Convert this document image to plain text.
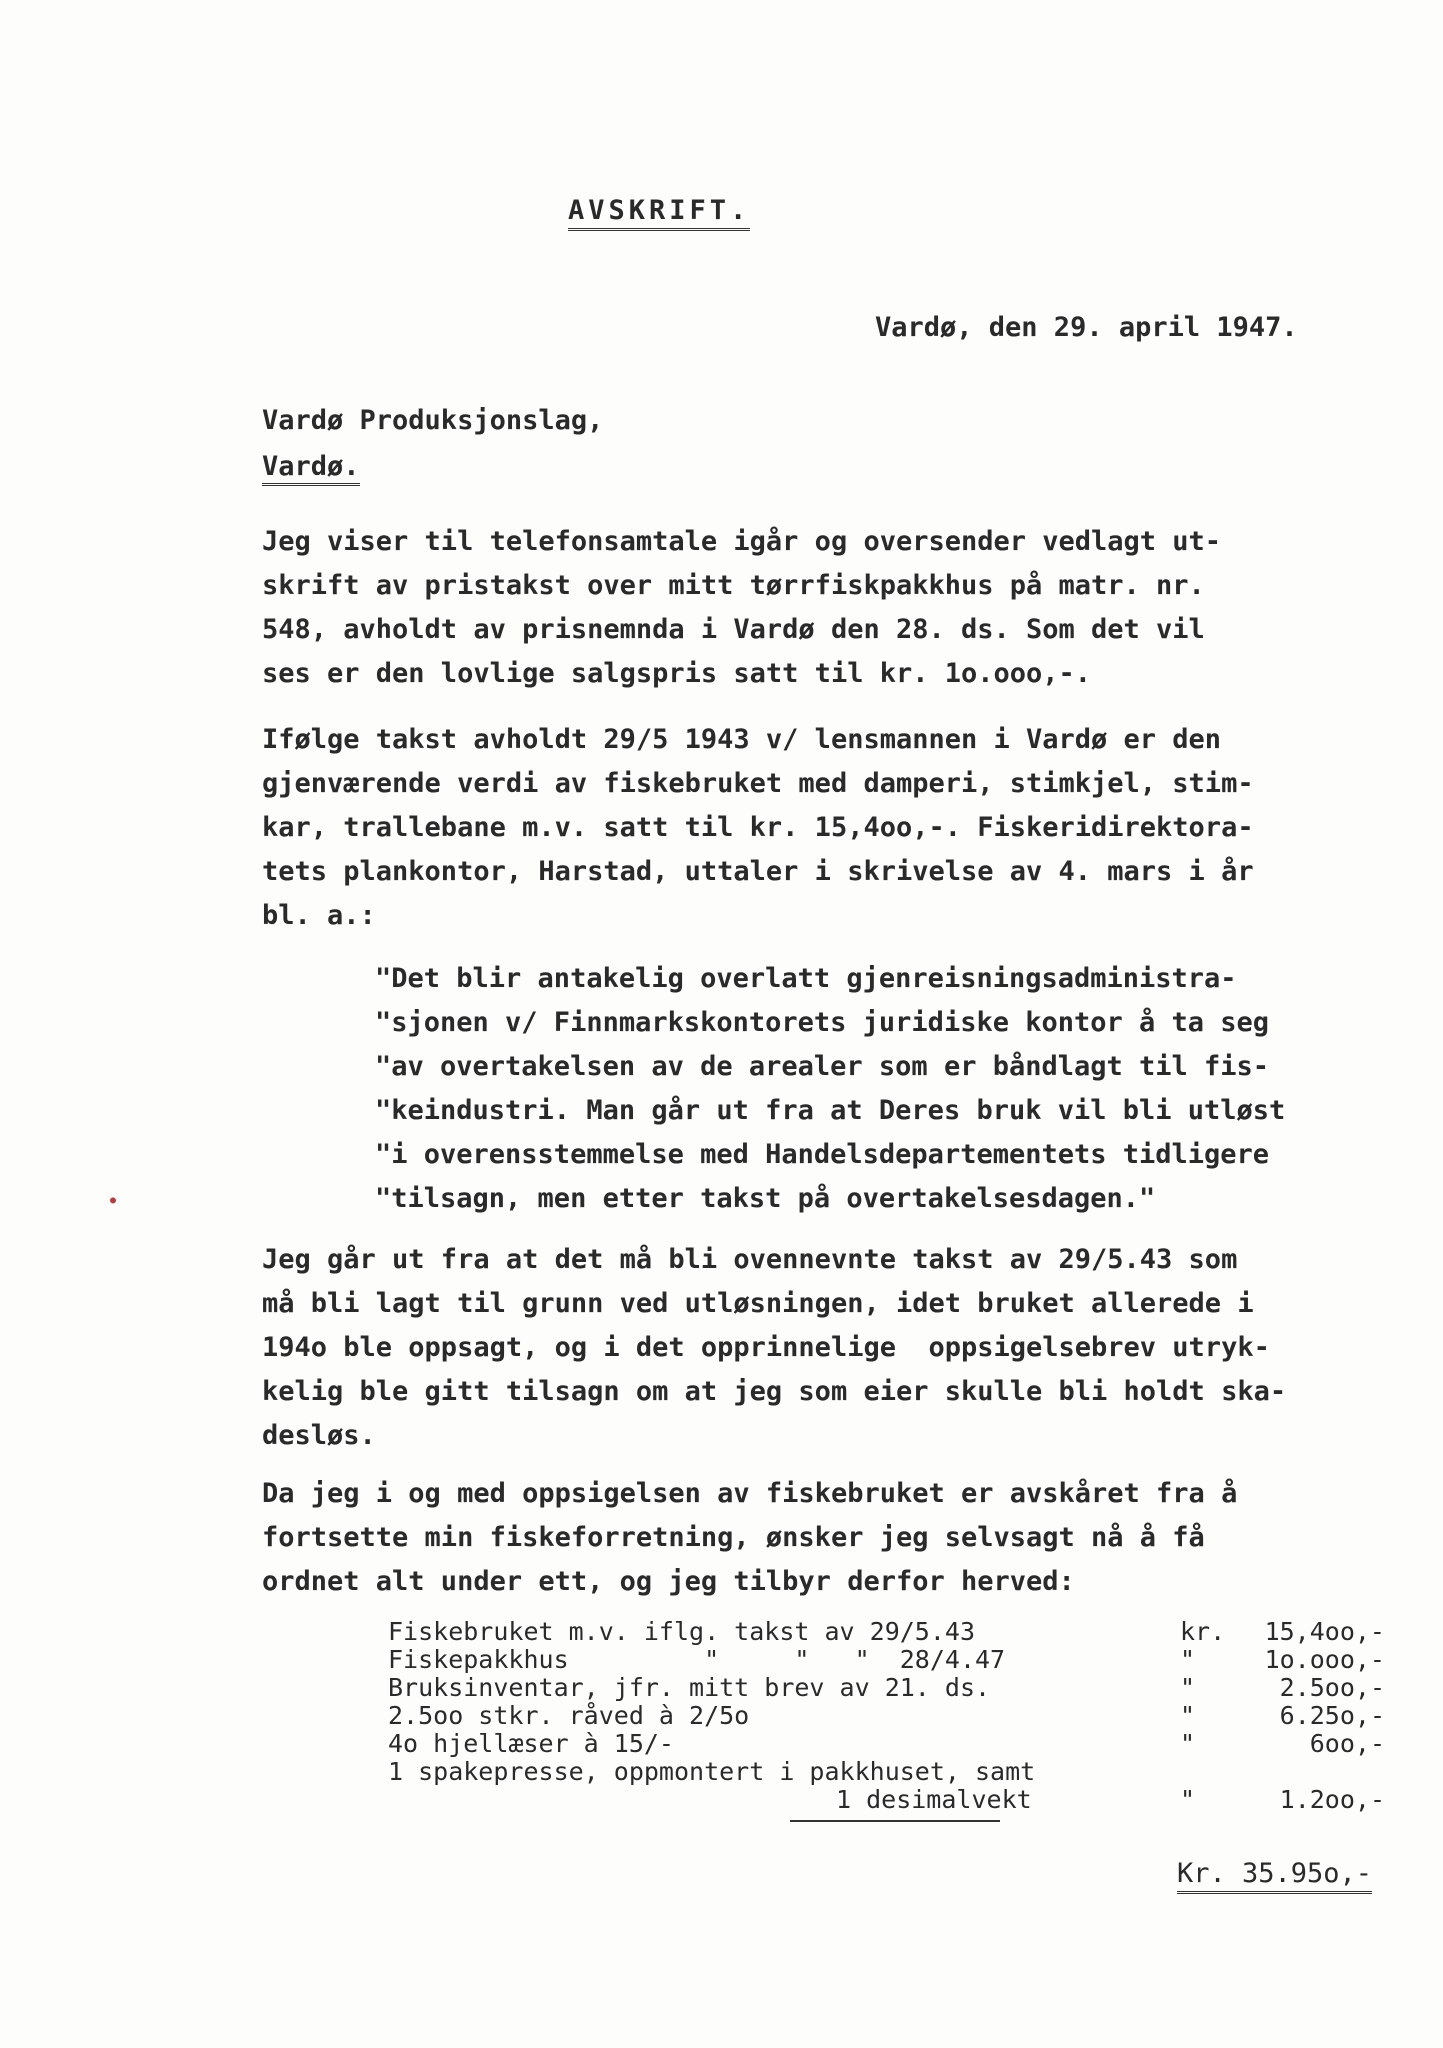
AVSKRIFT.
Vardø, den 29. april 1947.
Vardø Produksjonslag,
Vardø.
Jeg viser til telefonsamtale igår og oversender vedlagt ut-
skrift av pristakst over mitt tørrfiskpakkhus på matr. nr.
548, avholdt av prisnemnda i Vardø den 28. ds. Som det vil
ses er den lovlige salgspris satt til kr. 1o.ooo,-.
Ifølge takst avholdt 29/5 1943 v/ lensmannen i Vardø er den
gjenværende verdi av fiskebruket med damperi, stimkjel, stim-
kar, trallebane m.v. satt til kr. 15,4oo,-. Fiskeridirektora-
tets plankontor, Harstad, uttaler i skrivelse av 4. mars i år
bl. a.:
"Det blir antakelig overlatt gjenreisningsadministra-
"sjonen v/ Finnmarkskontorets juridiske kontor å ta seg
"av overtakelsen av de arealer som er båndlagt til fis-
"keindustri. Man går ut fra at Deres bruk vil bli utløst
"i overensstemmelse med Handelsdepartementets tidligere
"tilsagn, men etter takst på overtakelsesdagen."
Jeg går ut fra at det må bli ovennevnte takst av 29/5.43 som
må bli lagt til grunn ved utløsningen, idet bruket allerede i
194o ble oppsagt, og i det opprinnelige  oppsigelsebrev utryk-
kelig ble gitt tilsagn om at jeg som eier skulle bli holdt ska-
desløs.
Da jeg i og med oppsigelsen av fiskebruket er avskåret fra å
fortsette min fiskeforretning, ønsker jeg selvsagt nå å få
ordnet alt under ett, og jeg tilbyr derfor herved:
Fiskebruket m.v. iflg. takst av 29/5.43	kr. 15,4oo,-
Fiskepakkhus         "     "   "  28/4.47	"	1o.ooo,-
Bruksinventar, jfr. mitt brev av 21. ds.	"	2.5oo,-
2.5oo stkr. råved à 2/5o	"	6.25o,-
4o hjellæser à 15/-	"	6oo,-
1 spakepresse, oppmontert i pakkhuset, samt
1 desimalvekt	"	1.2oo,-
Kr. 35.95o,-
●
